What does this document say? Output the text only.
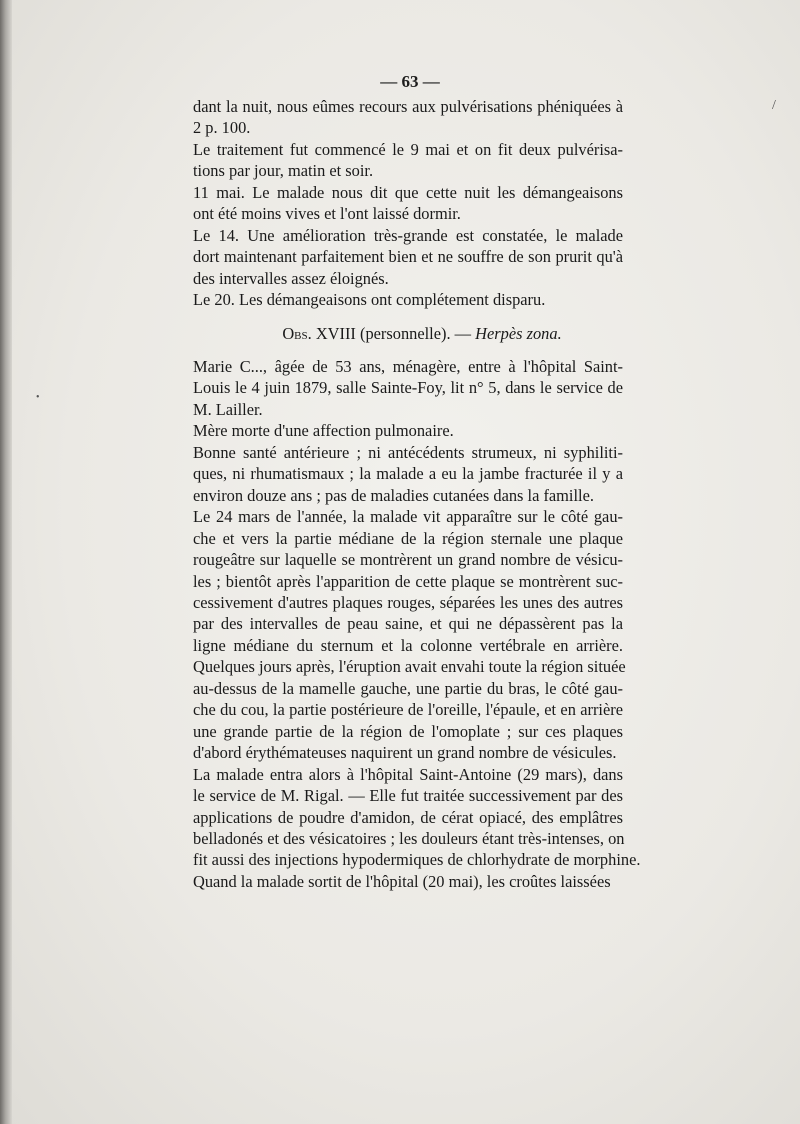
— 63 —
dant la nuit, nous eûmes recours aux pulvérisations phéniquées à
2 p. 100.
Le traitement fut commencé le 9 mai et on fit deux pulvérisa-
tions par jour, matin et soir.
11 mai. Le malade nous dit que cette nuit les démangeaisons
ont été moins vives et l'ont laissé dormir.
Le 14. Une amélioration très-grande est constatée, le malade
dort maintenant parfaitement bien et ne souffre de son prurit qu'à
des intervalles assez éloignés.
Le 20. Les démangeaisons ont complétement disparu.
Obs. XVIII (personnelle). — Herpès zona.
Marie C..., âgée de 53 ans, ménagère, entre à l'hôpital Saint-
Louis le 4 juin 1879, salle Sainte-Foy, lit n° 5, dans le service de
M. Lailler.
Mère morte d'une affection pulmonaire.
Bonne santé antérieure ; ni antécédents strumeux, ni syphiliti-
ques, ni rhumatismaux ; la malade a eu la jambe fracturée il y a
environ douze ans ; pas de maladies cutanées dans la famille.
Le 24 mars de l'année, la malade vit apparaître sur le côté gau-
che et vers la partie médiane de la région sternale une plaque
rougeâtre sur laquelle se montrèrent un grand nombre de vésicu-
les ; bientôt après l'apparition de cette plaque se montrèrent suc-
cessivement d'autres plaques rouges, séparées les unes des autres
par des intervalles de peau saine, et qui ne dépassèrent pas la
ligne médiane du sternum et la colonne vertébrale en arrière.
Quelques jours après, l'éruption avait envahi toute la région située
au-dessus de la mamelle gauche, une partie du bras, le côté gau-
che du cou, la partie postérieure de l'oreille, l'épaule, et en arrière
une grande partie de la région de l'omoplate ; sur ces plaques
d'abord érythémateuses naquirent un grand nombre de vésicules.
La malade entra alors à l'hôpital Saint-Antoine (29 mars), dans
le service de M. Rigal. — Elle fut traitée successivement par des
applications de poudre d'amidon, de cérat opiacé, des emplâtres
belladonés et des vésicatoires ; les douleurs étant très-intenses, on
fit aussi des injections hypodermiques de chlorhydrate de morphine.
Quand la malade sortit de l'hôpital (20 mai), les croûtes laissées
/
•
